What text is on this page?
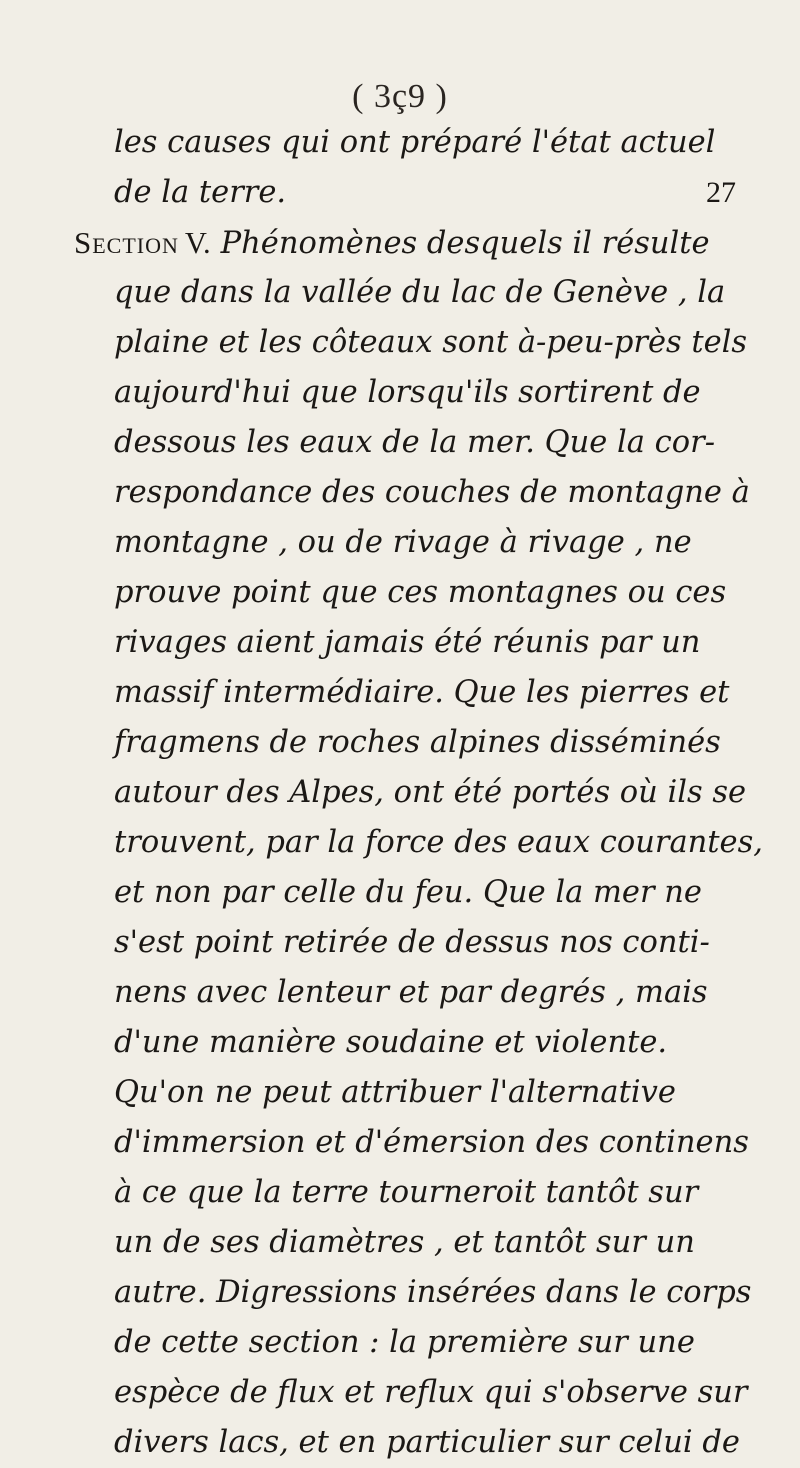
( 3ç9 )
les causes qui ont préparé l'état actuel
de la terre.	27
Section V. Phénomènes desquels il résulte
que dans la vallée du lac de Genève , la
plaine et les côteaux sont à-peu-près tels
aujourd'hui que lorsqu'ils sortirent de
dessous les eaux de la mer. Que la cor-
respondance des couches de montagne à
montagne , ou de rivage à rivage , ne
prouve point que ces montagnes ou ces
rivages aient jamais été réunis par un
massif intermédiaire. Que les pierres et
fragmens de roches alpines disséminés
autour des Alpes, ont été portés où ils se
trouvent, par la force des eaux courantes,
et non par celle du feu. Que la mer ne
s'est point retirée de dessus nos conti-
nens avec lenteur et par degrés , mais
d'une manière soudaine et violente.
Qu'on ne peut attribuer l'alternative
d'immersion et d'émersion des continens
à ce que la terre tourneroit tantôt sur
un de ses diamètres , et tantôt sur un
autre. Digressions insérées dans le corps
de cette section : la première sur une
espèce de flux et reflux qui s'observe sur
divers lacs, et en particulier sur celui de
